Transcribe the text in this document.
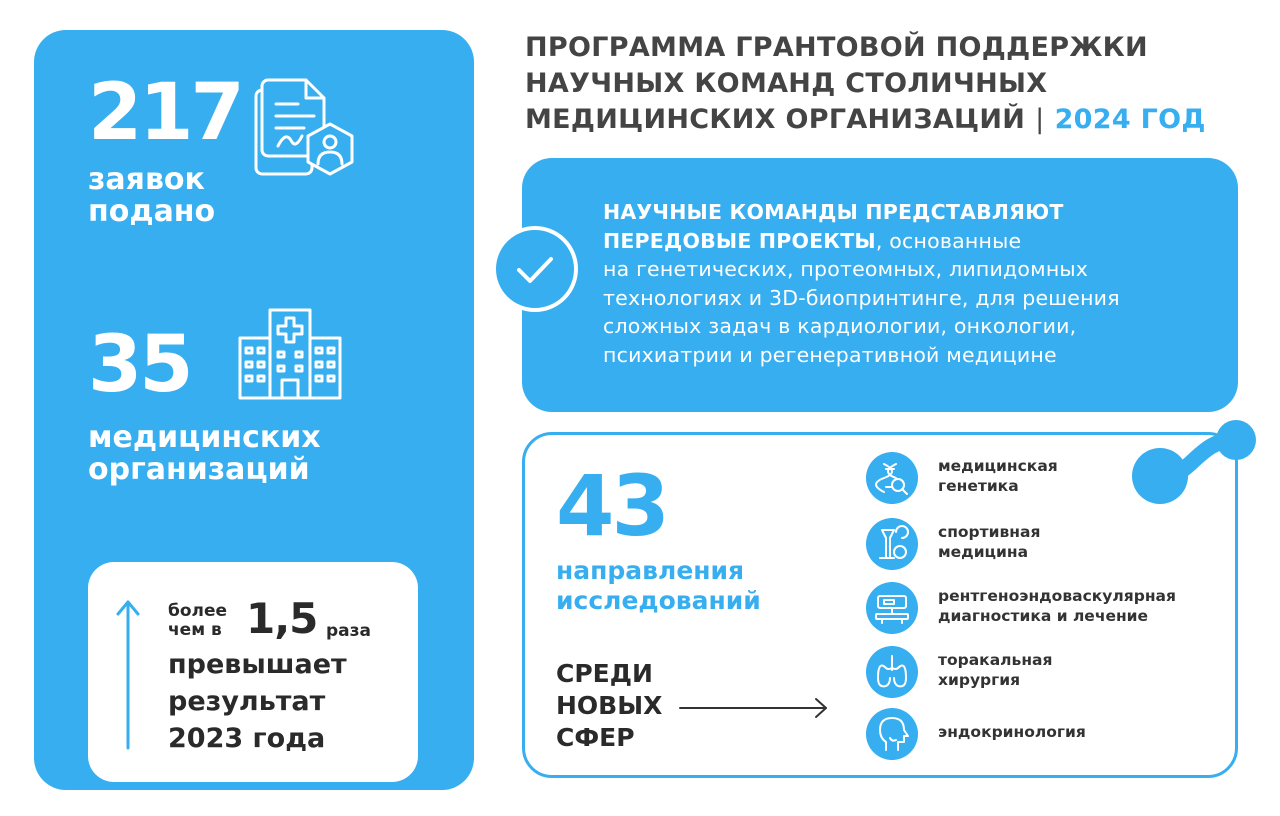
217
заявок
подано
35
медицинских
организаций
более
чем в 1,5 раза
превышает
результат
2023 года
ПРОГРАММА ГРАНТОВОЙ ПОДДЕРЖКИ
НАУЧНЫХ КОМАНД СТОЛИЧНЫХ
МЕДИЦИНСКИХ ОРГАНИЗАЦИЙ | 2024 ГОД
НАУЧНЫЕ КОМАНДЫ ПРЕДСТАВЛЯЮТ
ПЕРЕДОВЫЕ ПРОЕКТЫ, основанные
на генетических, протеомных, липидомных
технологиях и 3D-биопринтинге, для решения
сложных задач в кардиологии, онкологии,
психиатрии и регенеративной медицине
43
направления
исследований
СРЕДИ
НОВЫХ
СФЕР
медицинская
генетика
спортивная
медицина
рентгеноэндоваскулярная
диагностика и лечение
торакальная
хирургия
эндокринология
